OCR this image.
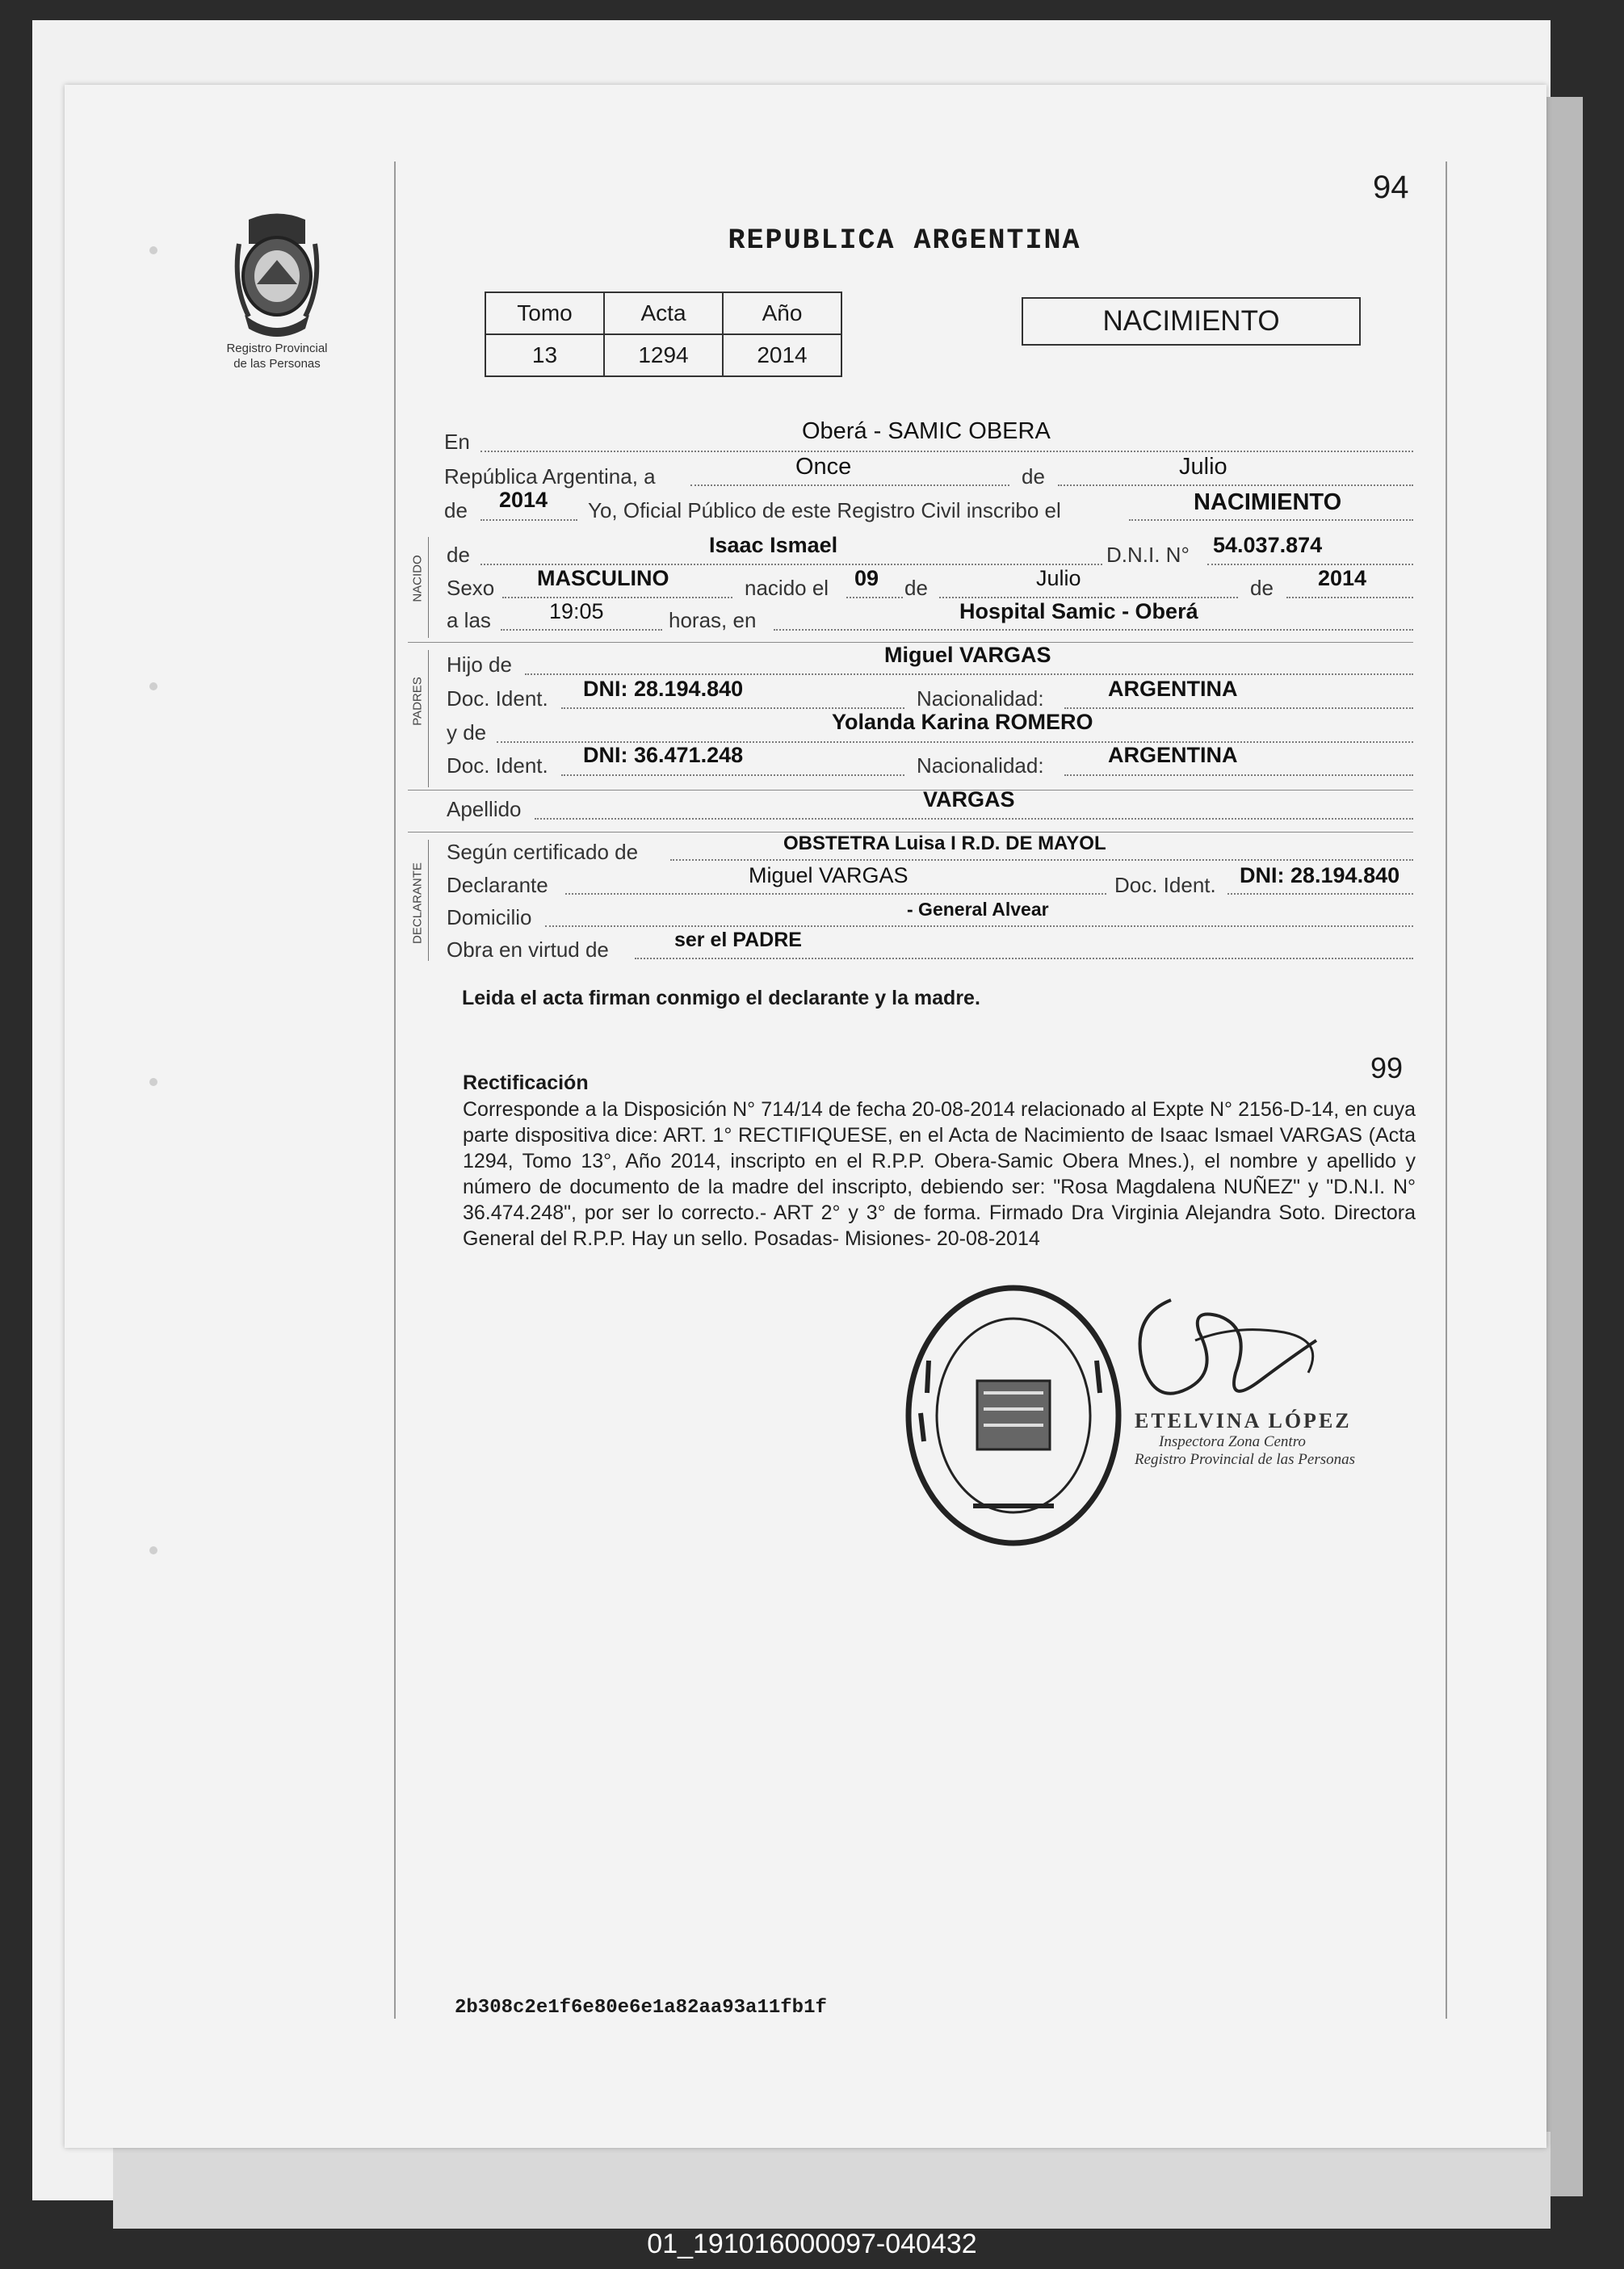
Registro Provincial
de las Personas
94
REPUBLICA ARGENTINA
Tomo	Acta	Año
13	1294	2014
NACIMIENTO
En	Oberá - SAMIC OBERA
República Argentina, a	Once	de	Julio
de 2014 Yo, Oficial Público de este Registro Civil inscribo el	NACIMIENTO
NACIDO
de	Isaac Ismael	D.N.I. N° 54.037.874
Sexo MASCULINO	nacido el 09 de	Julio	de 2014
a las	19:05	horas, en	Hospital Samic - Oberá
PADRES
Hijo de	Miguel VARGAS
Doc. Ident. DNI: 28.194.840	Nacionalidad:	ARGENTINA
y de	Yolanda Karina ROMERO
Doc. Ident. DNI: 36.471.248	Nacionalidad:	ARGENTINA
Apellido	VARGAS
DECLARANTE
Según certificado de	OBSTETRA Luisa I R.D. DE MAYOL
Declarante	Miguel VARGAS	Doc. Ident. DNI: 28.194.840
Domicilio	- General Alvear
Obra en virtud de	ser el PADRE
Leida el acta firman conmigo el declarante y la madre.
99
Rectificación
Corresponde a la Disposición N° 714/14 de fecha 20-08-2014 relacionado al Expte N° 2156-D-14, en cuya parte dispositiva dice: ART. 1° RECTIFIQUESE, en el Acta de Nacimiento de Isaac Ismael VARGAS (Acta 1294, Tomo 13°, Año 2014, inscripto en el R.P.P. Obera-Samic Obera Mnes.), el nombre y apellido y número de documento de la madre del inscripto, debiendo ser: "Rosa Magdalena NUÑEZ" y "D.N.I. N° 36.474.248", por ser lo correcto.- ART 2° y 3° de forma. Firmado Dra Virginia Alejandra Soto. Directora General del R.P.P. Hay un sello. Posadas- Misiones- 20-08-2014
ETELVINA LÓPEZ
Inspectora Zona Centro
Registro Provincial de las Personas
2b308c2e1f6e80e6e1a82aa93a11fb1f
01_191016000097-040432
